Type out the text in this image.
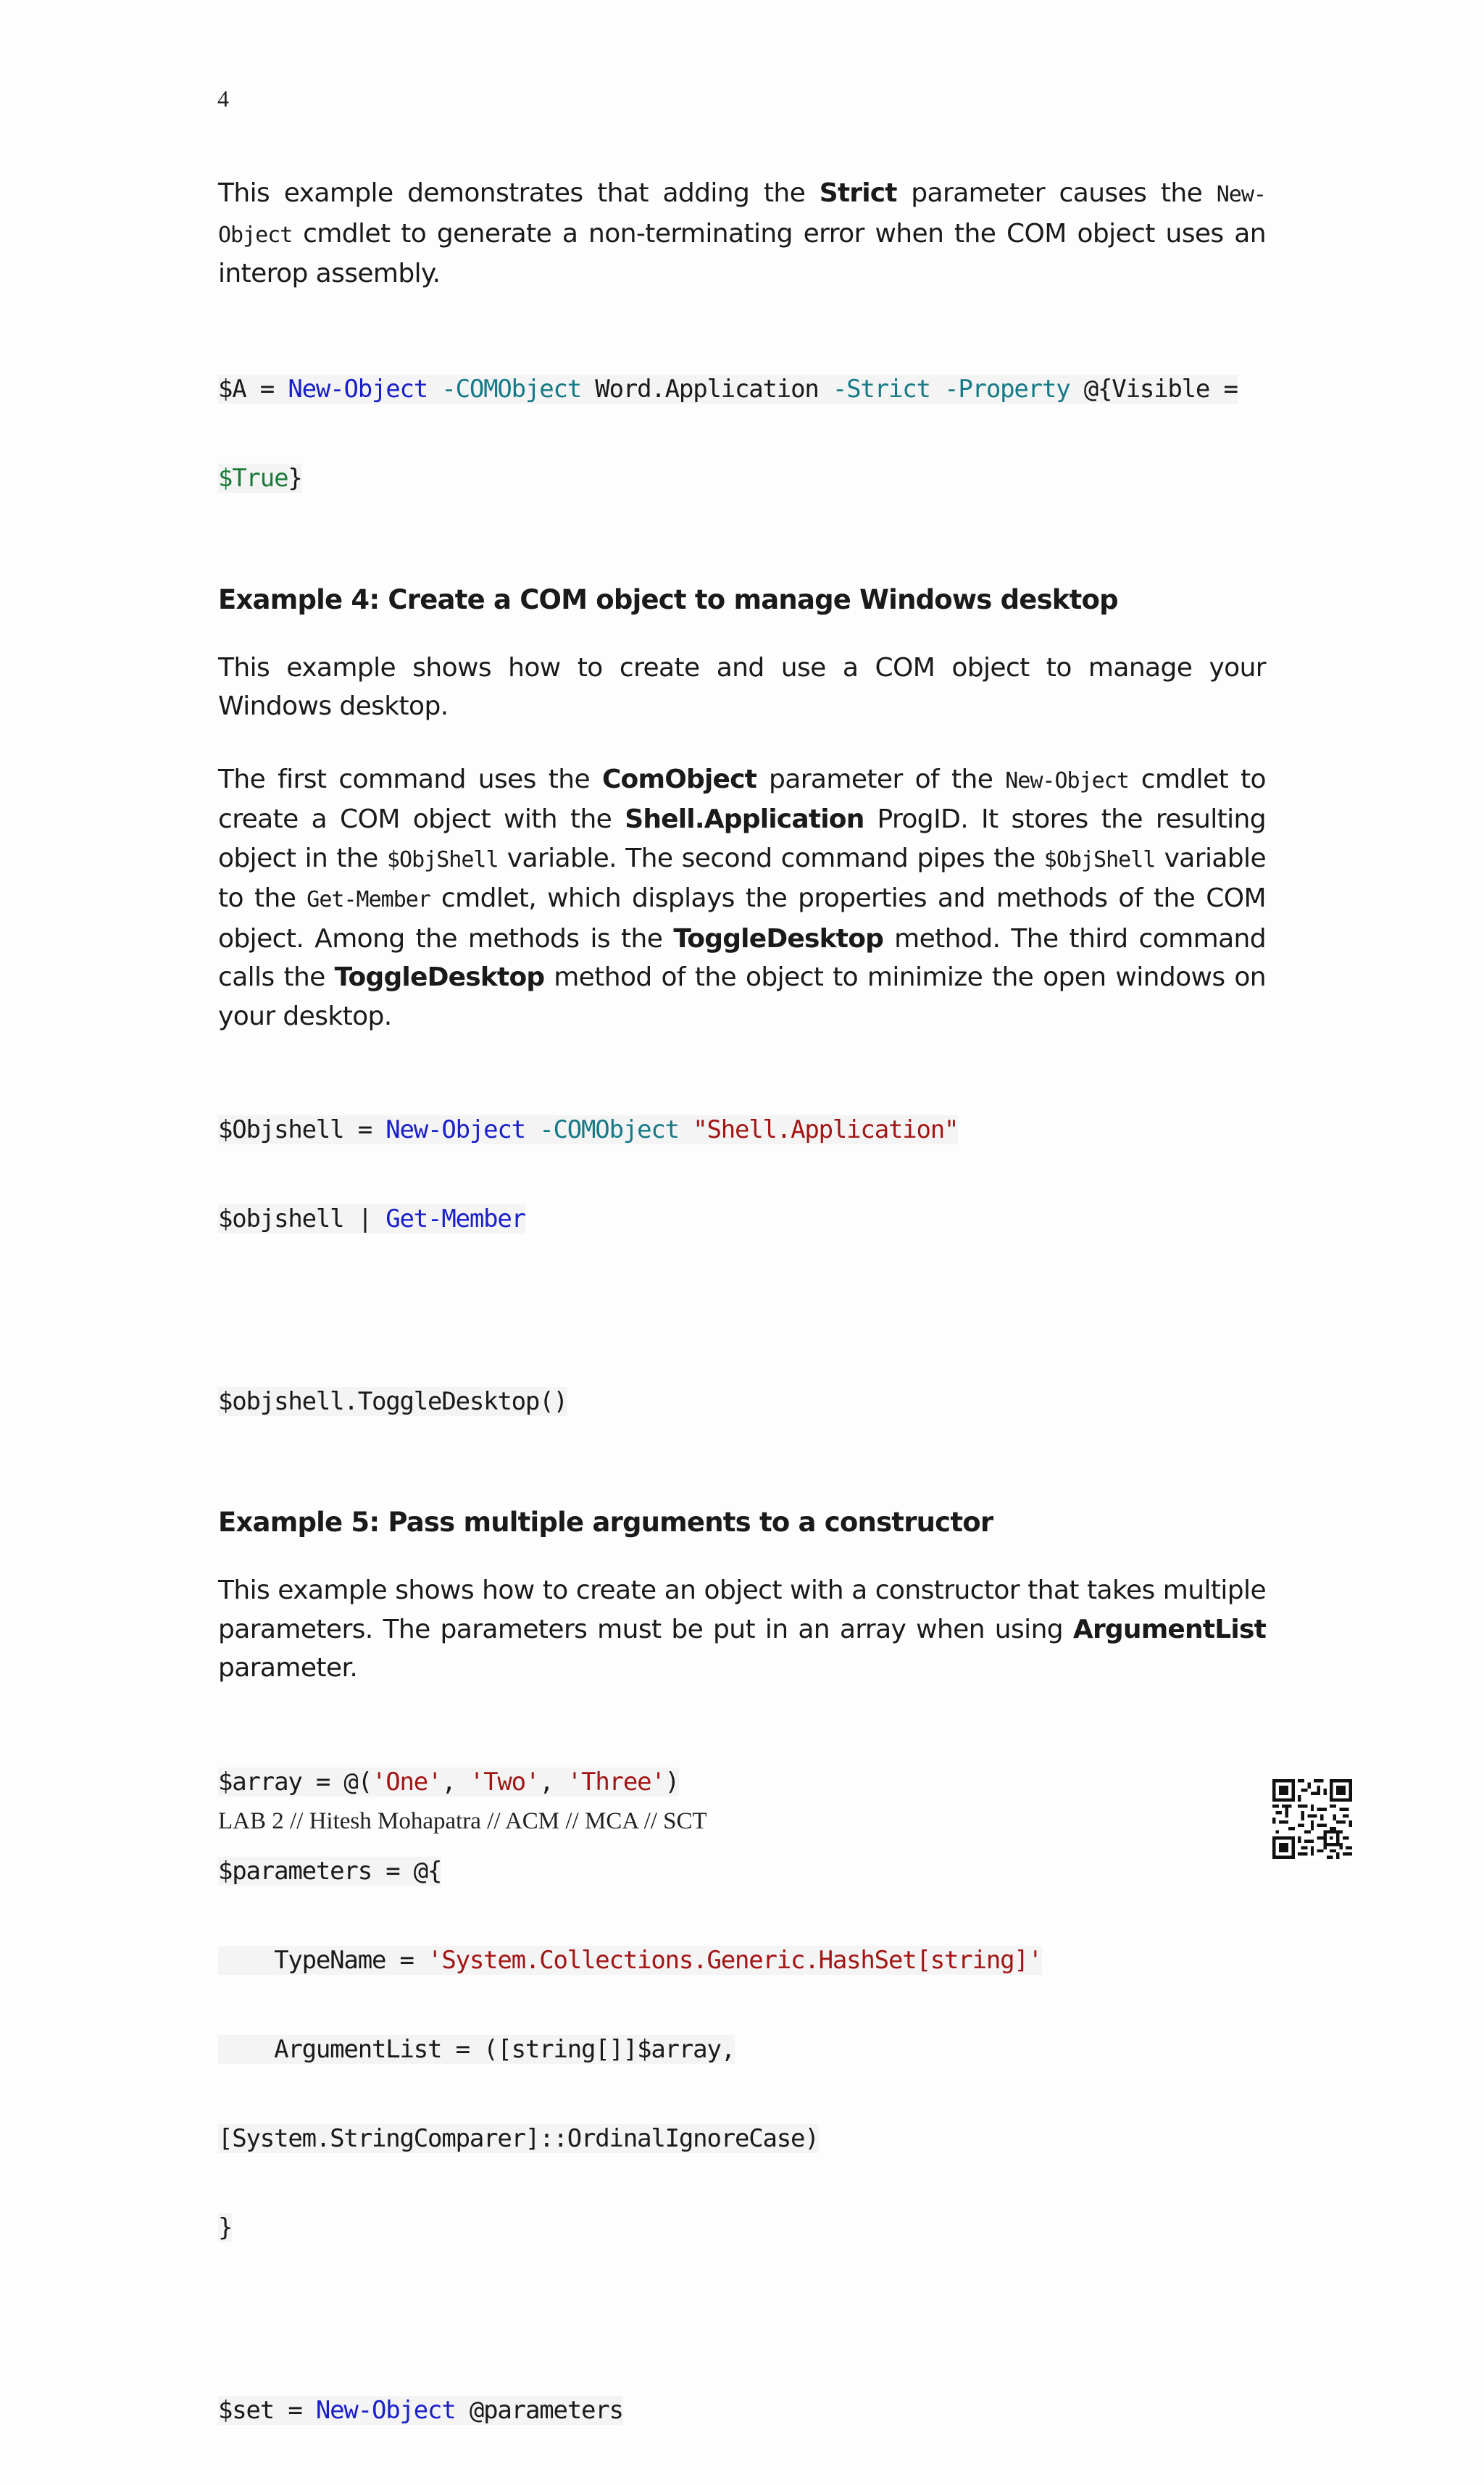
4

This example demonstrates that adding the Strict parameter causes the New-Object cmdlet to generate a non-terminating error when the COM object uses an interop assembly.

$A = New-Object -COMObject Word.Application -Strict -Property @{Visible =

$True}

Example 4: Create a COM object to manage Windows desktop

This example shows how to create and use a COM object to manage your Windows desktop.

The first command uses the ComObject parameter of the New-Object cmdlet to create a COM object with the Shell.Application ProgID. It stores the resulting object in the $ObjShell variable. The second command pipes the $ObjShell variable to the Get-Member cmdlet, which displays the properties and methods of the COM object. Among the methods is the ToggleDesktop method. The third command calls the ToggleDesktop method of the object to minimize the open windows on your desktop.

$Objshell = New-Object -COMObject "Shell.Application"

$objshell | Get-Member

$objshell.ToggleDesktop()

Example 5: Pass multiple arguments to a constructor

This example shows how to create an object with a constructor that takes multiple parameters. The parameters must be put in an array when using ArgumentList parameter.

$array = @('One', 'Two', 'Three')

$parameters = @{

TypeName = 'System.Collections.Generic.HashSet[string]'

ArgumentList = ([string[]]$array,

[System.StringComparer]::OrdinalIgnoreCase)

}

$set = New-Object @parameters

LAB 2 // Hitesh Mohapatra // ACM // MCA // SCT
